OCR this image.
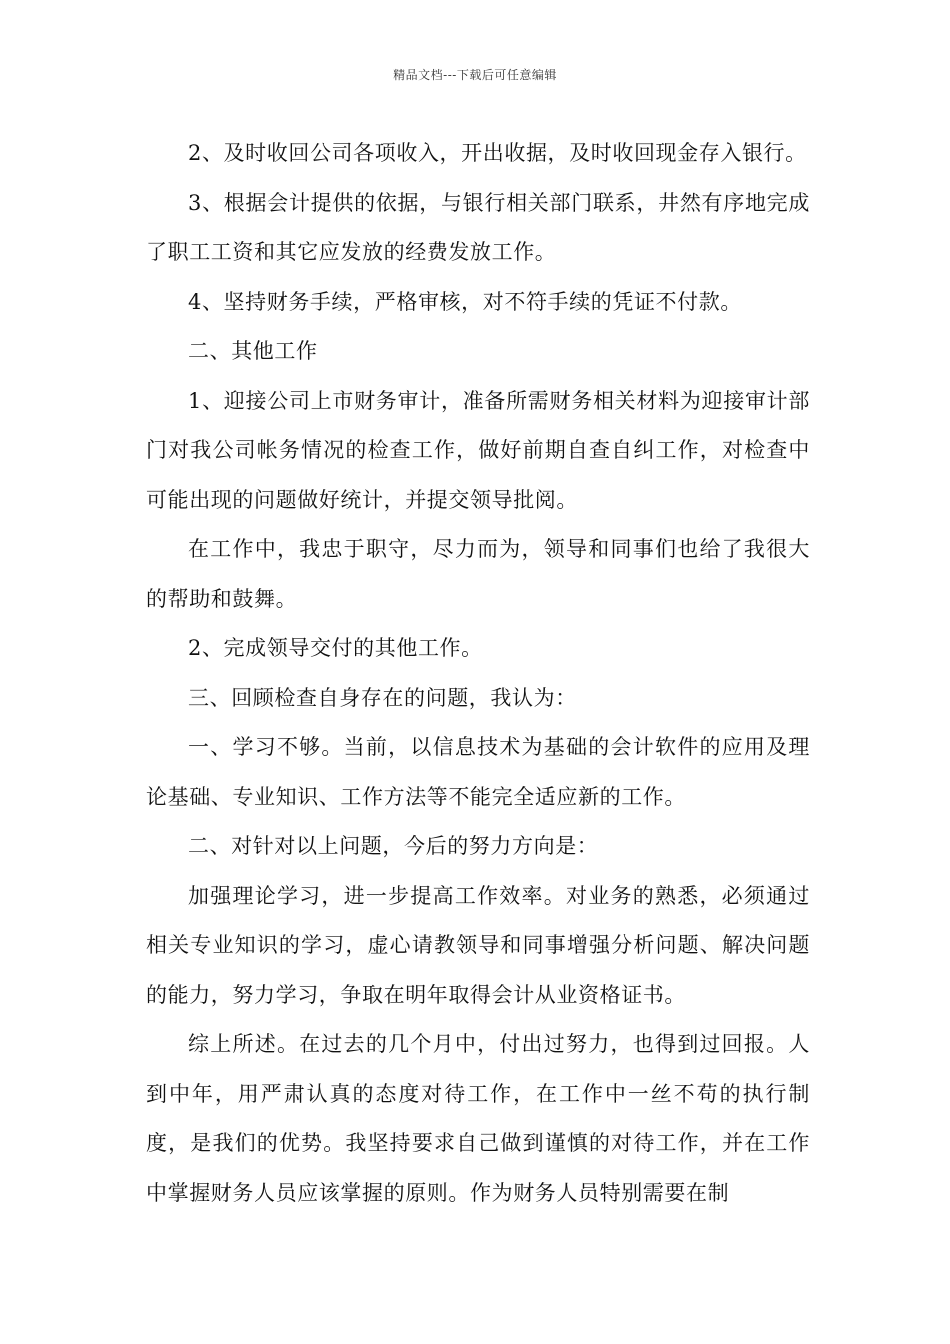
精品文档---下载后可任意编辑

2、及时收回公司各项收入，开出收据，及时收回现金存入银行。

3、根据会计提供的依据，与银行相关部门联系，井然有序地完成了职工工资和其它应发放的经费发放工作。

4、坚持财务手续，严格审核，对不符手续的凭证不付款。

二、其他工作

1、迎接公司上市财务审计，准备所需财务相关材料为迎接审计部门对我公司帐务情况的检查工作，做好前期自查自纠工作，对检查中可能出现的问题做好统计，并提交领导批阅。

在工作中，我忠于职守，尽力而为，领导和同事们也给了我很大的帮助和鼓舞。

2、完成领导交付的其他工作。

三、回顾检查自身存在的问题，我认为：

一、学习不够。当前，以信息技术为基础的会计软件的应用及理论基础、专业知识、工作方法等不能完全适应新的工作。

二、对针对以上问题，今后的努力方向是：

加强理论学习，进一步提高工作效率。对业务的熟悉，必须通过相关专业知识的学习，虚心请教领导和同事增强分析问题、解决问题的能力，努力学习，争取在明年取得会计从业资格证书。

综上所述。在过去的几个月中，付出过努力，也得到过回报。人到中年，用严肃认真的态度对待工作，在工作中一丝不苟的执行制度，是我们的优势。我坚持要求自己做到谨慎的对待工作，并在工作中掌握财务人员应该掌握的原则。作为财务人员特别需要在制
